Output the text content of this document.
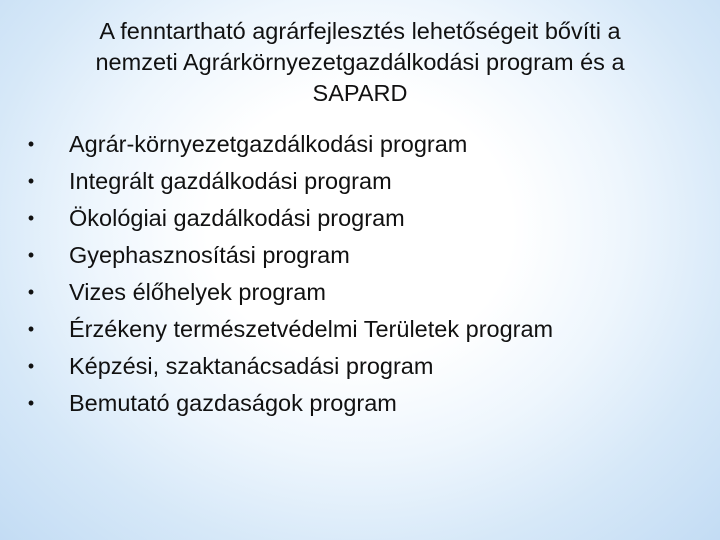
A fenntartható agrárfejlesztés lehetőségeit bővíti a
nemzeti Agrárkörnyezetgazdálkodási program és a
SAPARD
• Agrár-környezetgazdálkodási program
• Integrált gazdálkodási program
• Ökológiai gazdálkodási program
• Gyephasznosítási program
• Vizes élőhelyek program
• Érzékeny természetvédelmi Területek program
• Képzési, szaktanácsadási program
• Bemutató gazdaságok program
